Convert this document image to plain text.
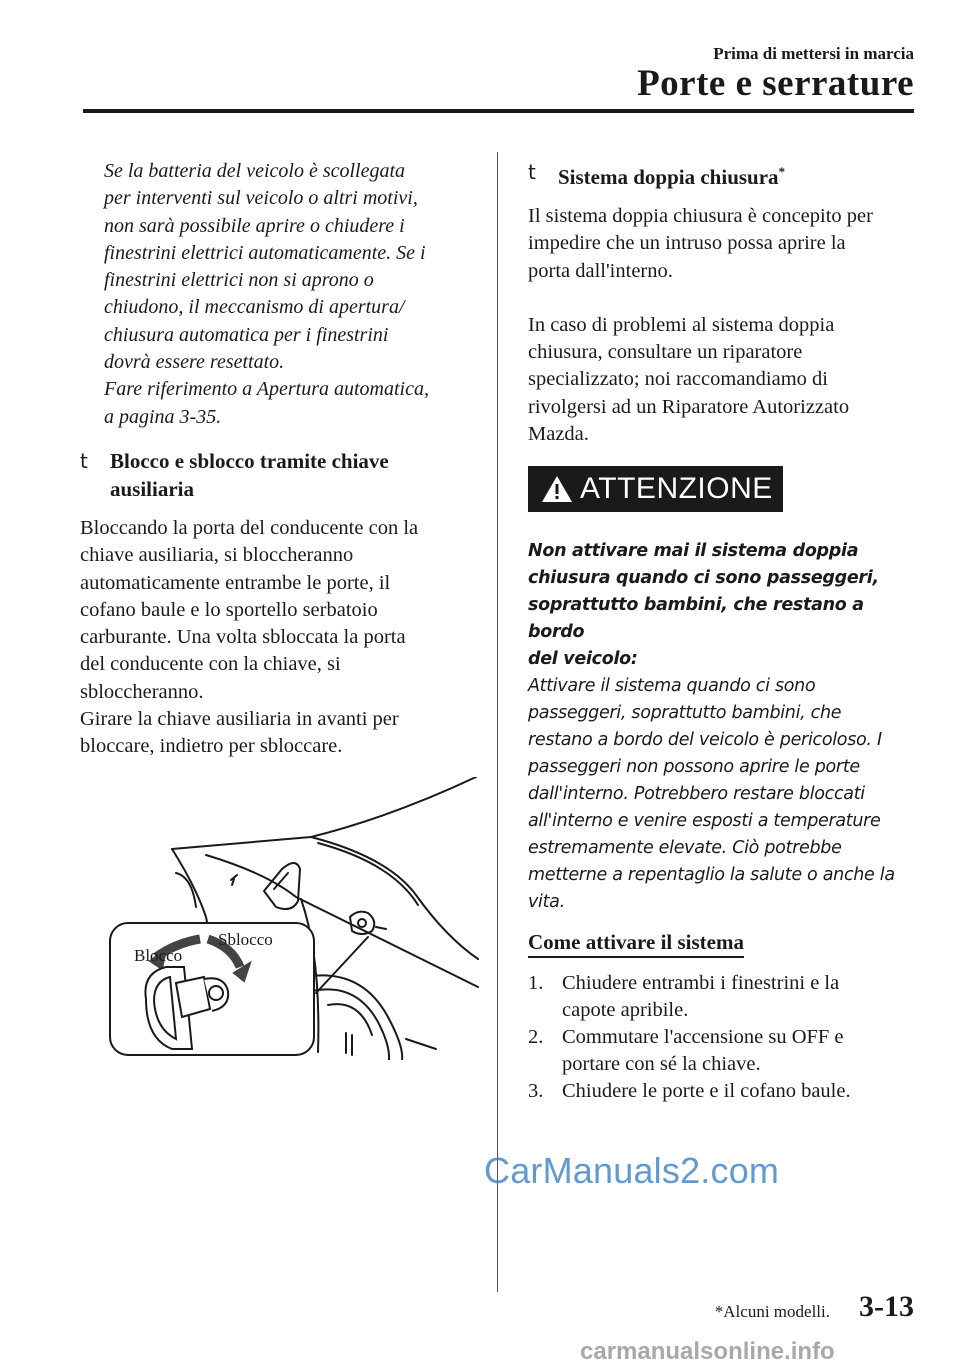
Prima di mettersi in marcia
Porte e serrature

Se la batteria del veicolo è scollegata

per interventi sul veicolo o altri motivi,

non sarà possibile aprire o chiudere i

finestrini elettrici automaticamente. Se i

finestrini elettrici non si aprono o

chiudono, il meccanismo di apertura/

chiusura automatica per i finestrini

dovrà essere resettato.

Fare riferimento a Apertura automatica,

a pagina 3-35.

t Blocco e sblocco tramite chiave
ausiliaria

Bloccando la porta del conducente con la

chiave ausiliaria, si bloccheranno

automaticamente entrambe le porte, il

cofano baule e lo sportello serbatoio

carburante. Una volta sbloccata la porta

del conducente con la chiave, si

sbloccheranno.

Girare la chiave ausiliaria in avanti per

bloccare, indietro per sbloccare.

Blocco
Sblocco
t Sistema doppia chiusura*

Il sistema doppia chiusura è concepito per

impedire che un intruso possa aprire la

porta dall'interno.

In caso di problemi al sistema doppia

chiusura, consultare un riparatore

specializzato; noi raccomandiamo di

rivolgersi ad un Riparatore Autorizzato

Mazda.

ATTENZIONE

Non attivare mai il sistema doppia

chiusura quando ci sono passeggeri,

soprattutto bambini, che restano a bordo

del veicolo:

Attivare il sistema quando ci sono

passeggeri, soprattutto bambini, che

restano a bordo del veicolo è pericoloso. I

passeggeri non possono aprire le porte

dall'interno. Potrebbero restare bloccati

all'interno e venire esposti a temperature

estremamente elevate. Ciò potrebbe

metterne a repentaglio la salute o anche la

vita.

Come attivare il sistema
1. Chiudere entrambi i finestrini e la
capote apribile.
2. Commutare l'accensione su OFF e
portare con sé la chiave.
3. Chiudere le porte e il cofano baule.
CarManuals2.com
*Alcuni modelli. 3-13
carmanualsonline.info
